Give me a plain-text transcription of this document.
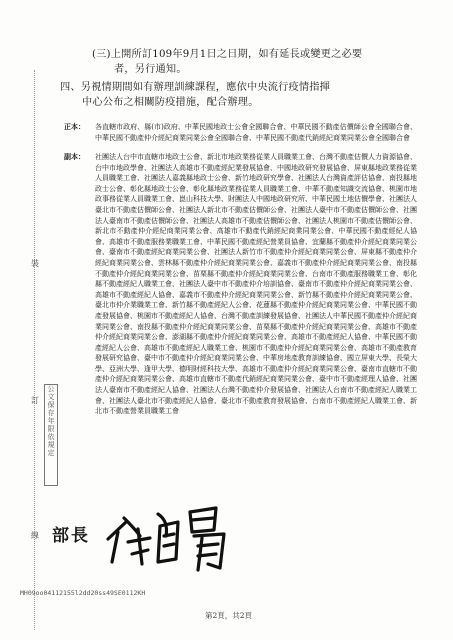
裝
訂
線
公文保存年限依規定
(三)上開所訂109年9月1日之日期，如有延長或變更之必要
者，另行通知。
四、另視情期間如有辦理訓練課程，應依中央流行疫情指揮
中心公布之相關防疫措施，配合辦理。
正本： 各直轄市政府、縣(市)政府、中華民國地政士公會全國聯合會、中華民國不動產估價師公會全國聯合會、中華民國不動產仲介經紀商業同業公會全國聯合會、中華民國不動產代銷經紀商業同業公會全國聯合會
副本： 社團法人台中市直轄市地政士公會、新北市地政業務從業人員職業工會、台灣不動產估價人力資源協會、台中市地政學會、社團法人高雄市不動產經紀業發展協會、中國地政研究發展協會、屏東縣地政業務從業人員職業工會、社團法人嘉義縣地政士公會、新竹地政研究學會、社團法人台灣資產評估協會、南投縣地政士公會、彰化縣地政士公會、彰化縣地政業務從業人員職業工會、中華不動產知識交流協會、桃園市地政事務從業人員職業工會、崑山科技大學、財團法人中國地政研究所、中華民國土地估價學會、社團法人臺北市不動產估價師公會、社團法人新北市不動產估價師公會、社團法人臺中市不動產估價師公會、社團法人臺南市不動產估價師公會、社團法人高雄市不動產估價師公會、社團法人桃園市不動產估價師公會、新北市不動產仲介經紀商業同業公會、高雄市不動產代銷經紀商業同業公會、中華民國不動產經紀人協會、高雄市不動產服務業職業工會、中華民國不動產經紀營業員協會、宜蘭縣不動產仲介經紀商業同業公會、臺南市不動產經紀商業同業公會、社團法人新竹市不動產仲介經紀商業同業公會、屏東縣不動產仲介經紀商業同業公會、雲林縣不動產仲介經紀商業同業公會、嘉義市不動產仲介經紀商業同業公會、南投縣不動產仲介經紀商業同業公會、苗栗縣不動產仲介經紀商業同業公會、台南市不動產服務職業工會、彰化縣不動產經紀人職業工會、社團法人臺中市不動產仲介培訓協會、臺南市不動產仲介經紀商業同業公會、高雄市不動產經紀人協會、嘉義市不動產仲介經紀商業同業公會、新竹縣不動產仲介經紀商業同業公會、臺北市仲介業職業工會、新竹縣不動產經紀人公會、花蓮縣不動產仲介經紀商業同業公會、中華民國不動產發展協會、桃園市不動產經紀人協會、台灣不動產訓練發展協會、社團法人中華民國不動產仲介經紀商業同業公會、南投縣不動產仲介經紀商業同業公會、苗栗縣不動產仲介經紀商業同業公會、高雄市不動產仲介經紀商業同業公會、澎湖縣不動產仲介經紀商業同業公會、高雄市不動產經紀人協會、中華民國不動產經紀人公會、高雄市不動產經紀人職業工會、桃園市不動產仲介經紀商業同業公會、高雄市不動產教育發展研究協會、臺中市不動產仲介經紀商業同業公會、中華房地產教育訓練協會、國立屏東大學、長榮大學、亞洲大學、逢甲大學、德明財經科技大學、高雄市不動產仲介經紀商業同業公會、臺南市直轄市不動產仲介經紀商業同業公會、高雄市直轄市不動產代銷經紀商業同業公會、臺中市不動產經理人協會、社團法人臺南市不動產經紀人協會、社團法人台灣不動產仲介發展協會、社團法人台南市不動產經紀人職業工會、社團法人臺北市不動產經紀人協會、臺北市不動產教育發展協會、台南市不動產經紀人職業工會、新北市不動產營業員職業工會
部長
MH09oo04112155l2dd20ss49SE0112KH
第2頁，共2頁
